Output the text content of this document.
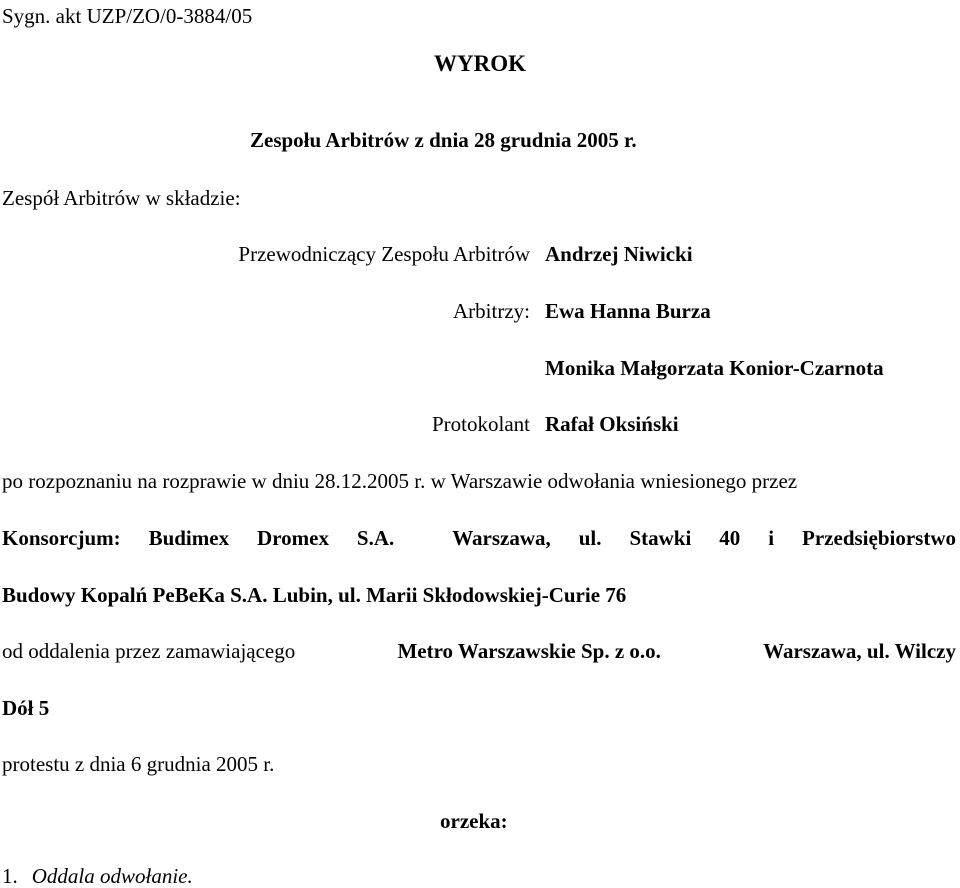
Sygn. akt UZP/ZO/0-3884/05
WYROK
Zespołu Arbitrów z dnia 28 grudnia 2005 r.
Zespół Arbitrów w składzie:
Przewodniczący Zespołu Arbitrów Andrzej Niwicki
Arbitrzy: Ewa Hanna Burza
Monika Małgorzata Konior-Czarnota
Protokolant Rafał Oksiński
po rozpoznaniu na rozprawie w dniu 28.12.2005 r. w Warszawie odwołania wniesionego przez
Konsorcjum: Budimex Dromex S.A.	Warszawa, ul. Stawki 40 i Przedsiębiorstwo
Budowy Kopalń PeBeKa S.A. Lubin, ul. Marii Skłodowskiej-Curie 76
od oddalenia przez zamawiającego	Metro Warszawskie Sp. z o.o.	Warszawa, ul. Wilczy
Dół 5
protestu z dnia 6 grudnia 2005 r.
orzeka:
1. Oddala odwołanie.
